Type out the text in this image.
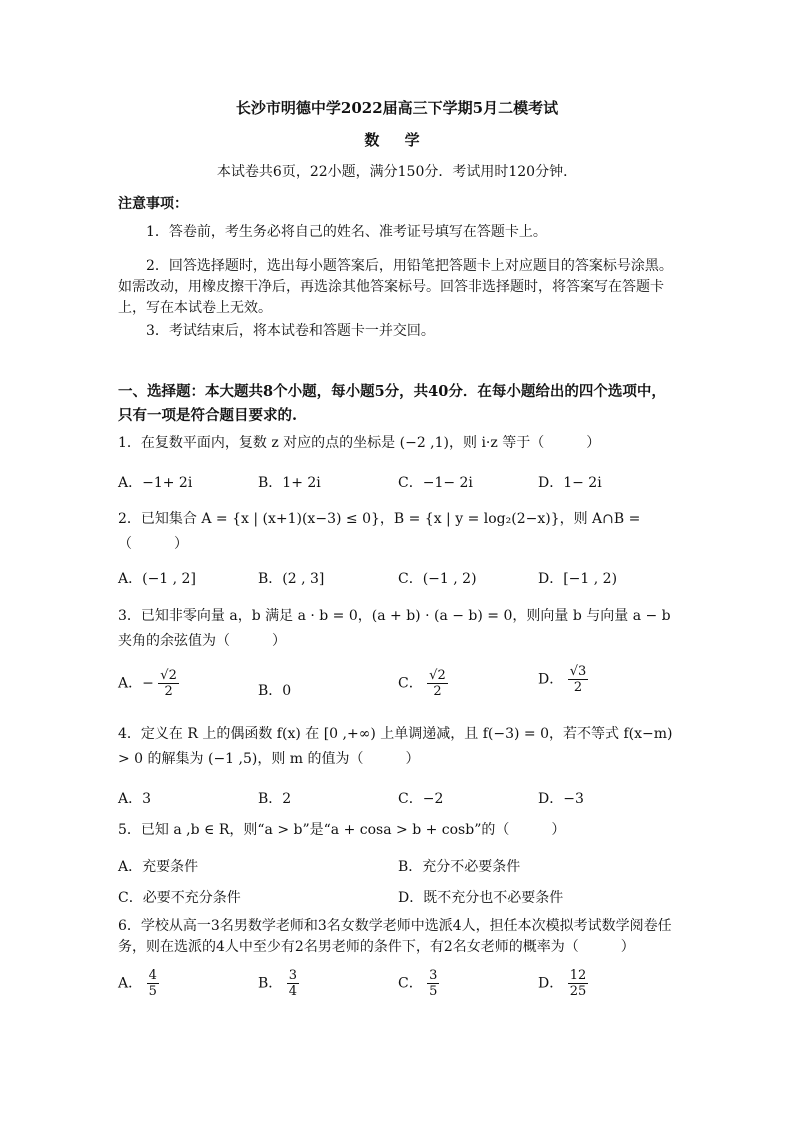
长沙市明德中学2022届高三下学期5月二模考试
数 学
本试卷共6页，22小题，满分150分．考试用时120分钟．
注意事项：
1．答卷前，考生务必将自己的姓名、准考证号填写在答题卡上。
2．回答选择题时，选出每小题答案后，用铅笔把答题卡上对应题目的答案标号涂黑。如需改动，用橡皮擦干净后，再选涂其他答案标号。回答非选择题时，将答案写在答题卡上，写在本试卷上无效。
3．考试结束后，将本试卷和答题卡一并交回。
一、选择题：本大题共8个小题，每小题5分，共40分．在每小题给出的四个选项中，只有一项是符合题目要求的.
1．在复数平面内，复数 z 对应的点的坐标是 (−2 ,1)，则 i·z 等于（　　　）
A．−1+ 2i	B．1+ 2i	C．−1− 2i	D．1− 2i
2．已知集合 A = {x | (x+1)(x−3) ≤ 0}，B = {x | y = log₂(2−x)}，则 A∩B = （　　　）
A．(−1 , 2]	B．(2 , 3]	C．(−1 , 2)	D．[−1 , 2)
3．已知非零向量 a，b 满足 a · b = 0，(a + b) · (a − b) = 0，则向量 b 与向量 a − b 夹角的余弦值为（　　　）
A．− $\frac{√2}{2}$	B．0	C． $\frac{√2}{2}$	D． $\frac{√3}{2}$
4．定义在 R 上的偶函数 f(x) 在 [0 ,+∞) 上单调递减，且 f(−3) = 0，若不等式 f(x−m) > 0 的解集为 (−1 ,5)，则 m 的值为（　　　）
A．3	B．2	C．−2	D．−3
5．已知 a ,b ∈ R，则“a > b”是“a + cosa > b + cosb”的（　　　）
A．充要条件	B．充分不必要条件
C．必要不充分条件	D．既不充分也不必要条件
6．学校从高一3名男数学老师和3名女数学老师中选派4人，担任本次模拟考试数学阅卷任务，则在选派的4人中至少有2名男老师的条件下，有2名女老师的概率为（　　　）
A． $\frac{4}{5}$	B． $\frac{3}{4}$	C． $\frac{3}{5}$	D． $\frac{12}{25}$
